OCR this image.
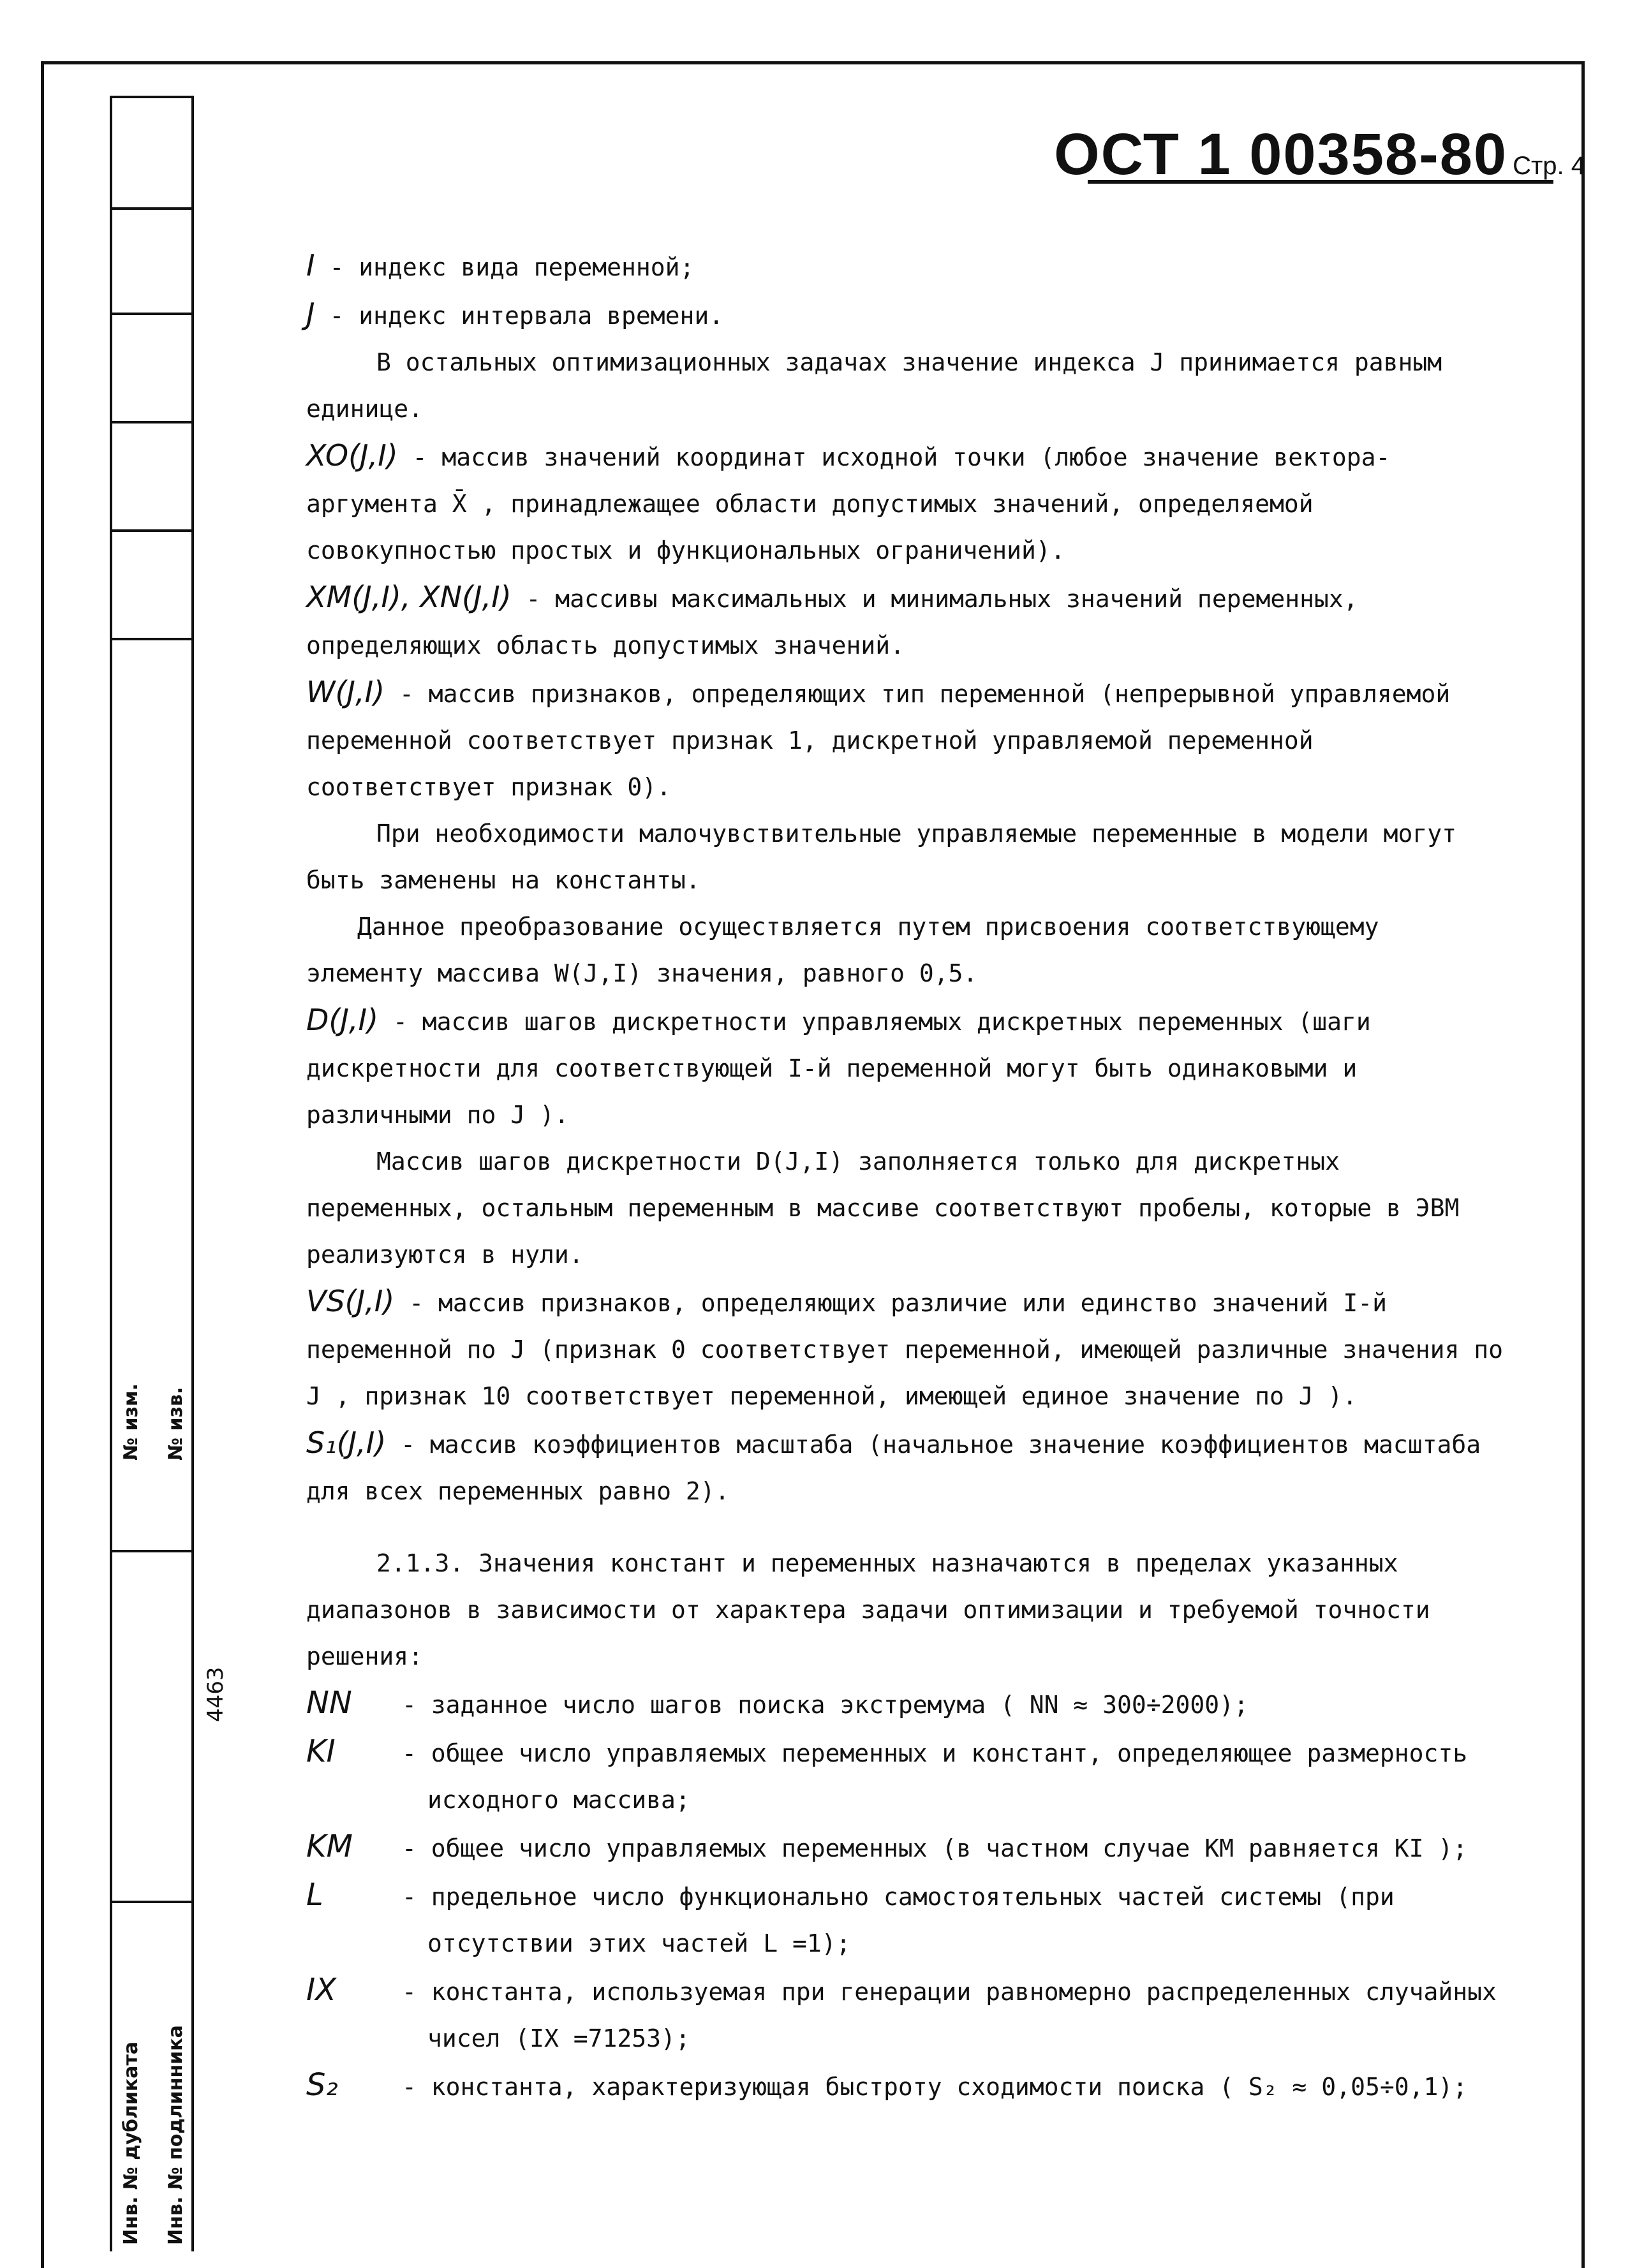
№ изм. № изв.
4463
Инв. № дубликата Инв. № подлинника
ОСТ 1 00358-80 Стр. 4

I - индекс вида переменной;

J - индекс интервала времени.

В остальных оптимизационных задачах значение индекса J принимается равным единице.

XO(J,I) - массив значений координат исходной точки (любое значение вектора-аргумента X̄ , принадлежащее области допустимых значений, определяемой совокупностью простых и функциональных ограничений).

XM(J,I), XN(J,I) - массивы максимальных и минимальных значений переменных, определяющих область допустимых значений.

W(J,I) - массив признаков, определяющих тип переменной (непрерывной управляемой переменной соответствует признак 1, дискретной управляемой переменной соответствует признак 0).

При необходимости малочувствительные управляемые переменные в модели могут быть заменены на константы.

Данное преобразование осуществляется путем присвоения соответствующему элементу массива W(J,I) значения, равного 0,5.

D(J,I) - массив шагов дискретности управляемых дискретных переменных (шаги дискретности для соответствующей I-й переменной могут быть одинаковыми и различными по J ).

Массив шагов дискретности D(J,I) заполняется только для дискретных переменных, остальным переменным в массиве соответствуют пробелы, которые в ЭВМ реализуются в нули.

VS(J,I) - массив признаков, определяющих различие или единство значений I-й переменной по J (признак 0 соответствует переменной, имеющей различные значения по J , признак 10 соответствует переменной, имеющей единое значение по J ).

S₁(J,I) - массив коэффициентов масштаба (начальное значение коэффициентов масштаба для всех переменных равно 2).

2.1.3. Значения констант и переменных назначаются в пределах указанных диапазонов в зависимости от характера задачи оптимизации и требуемой точности решения:

NN - заданное число шагов поиска экстремума ( NN ≈ 300÷2000);

KI	- общее число управляемых переменных и констант, определяющее размерность исходного массива;

KM - общее число управляемых переменных (в частном случае KM равняется KI );

L	- предельное число функционально самостоятельных частей системы (при отсутствии этих частей L =1);

IX	- константа, используемая при генерации равномерно распределенных случайных чисел (IX =71253);

S₂	- константа, характеризующая быстроту сходимости поиска ( S₂ ≈ 0,05÷0,1);
